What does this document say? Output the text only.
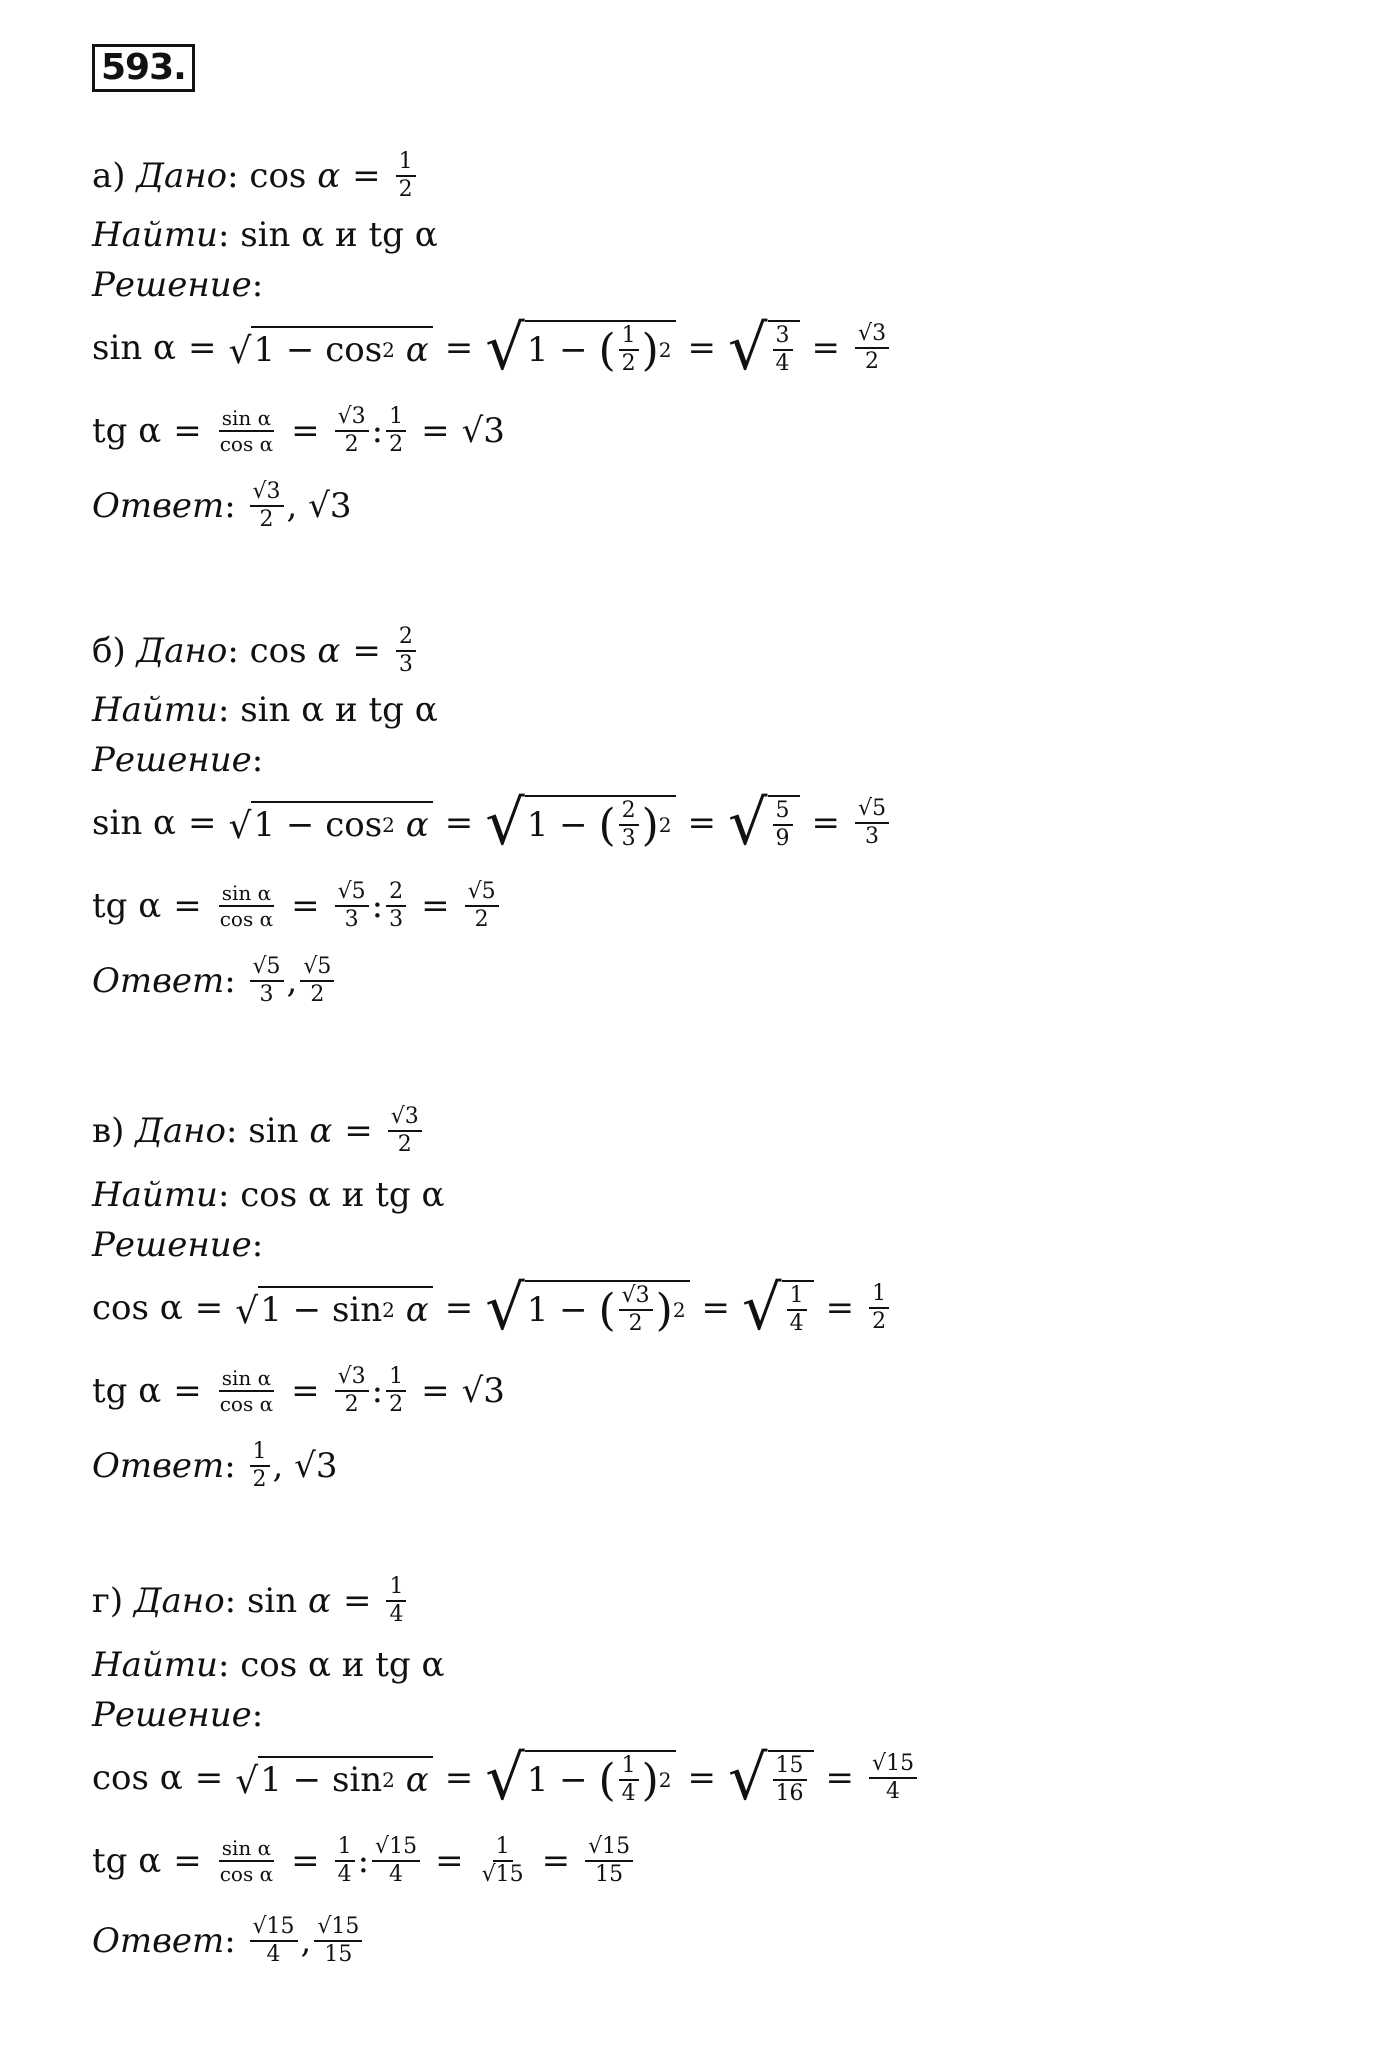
593.
а)
Дано : cos
$\alpha = \frac{1}{2}$
Найти : sin α и tg α
Решение :
sin α = √ 1 − cos 2
α = √ 1 − ( $\frac{1}{2}$ ) 2 = √ $\frac{3}{4} = \frac{√3}{2}$
tg $\alpha = \frac{\text{sin α}}{\text{cos α}} = \frac{√3}{2}$ : $\frac{1}{2} = √3$
Ответ : $\frac{√3}{2}$ , √3
б)
Дано : cos
$\alpha = \frac{2}{3}$
Найти : sin α и tg α
Решение :
sin α = √ 1 − cos 2
α = √ 1 − ( $\frac{2}{3}$ ) 2 = √ $\frac{5}{9} = \frac{√5}{3}$
tg $\alpha = \frac{\text{sin α}}{\text{cos α}} = \frac{√5}{3}$ : $\frac{2}{3} = \frac{√5}{2}$
Ответ : $\frac{√5}{3}$ , $\frac{√5}{2}$
в)
Дано : sin
$\alpha = \frac{√3}{2}$
Найти : cos α и tg α
Решение :
cos α = √ 1 − sin 2
α = √ 1 − ( $\frac{√3}{2}$ ) 2 = √ $\frac{1}{4} = \frac{1}{2}$
tg $\alpha = \frac{\text{sin α}}{\text{cos α}} = \frac{√3}{2}$ : $\frac{1}{2} = √3$
Ответ : $\frac{1}{2}$ , √3
г)
Дано : sin
$\alpha = \frac{1}{4}$
Найти : cos α и tg α
Решение :
cos α = √ 1 − sin 2
α = √ 1 − ( $\frac{1}{4}$ ) 2 = √ $\frac{15}{16} = \frac{√15}{4}$
tg $\alpha = \frac{\text{sin α}}{\text{cos α}} = \frac{1}{4}$ : $\frac{√15}{4} = \frac{1}{√15} = \frac{√15}{15}$
Ответ : $\frac{√15}{4}$ , $\frac{√15}{15}$
